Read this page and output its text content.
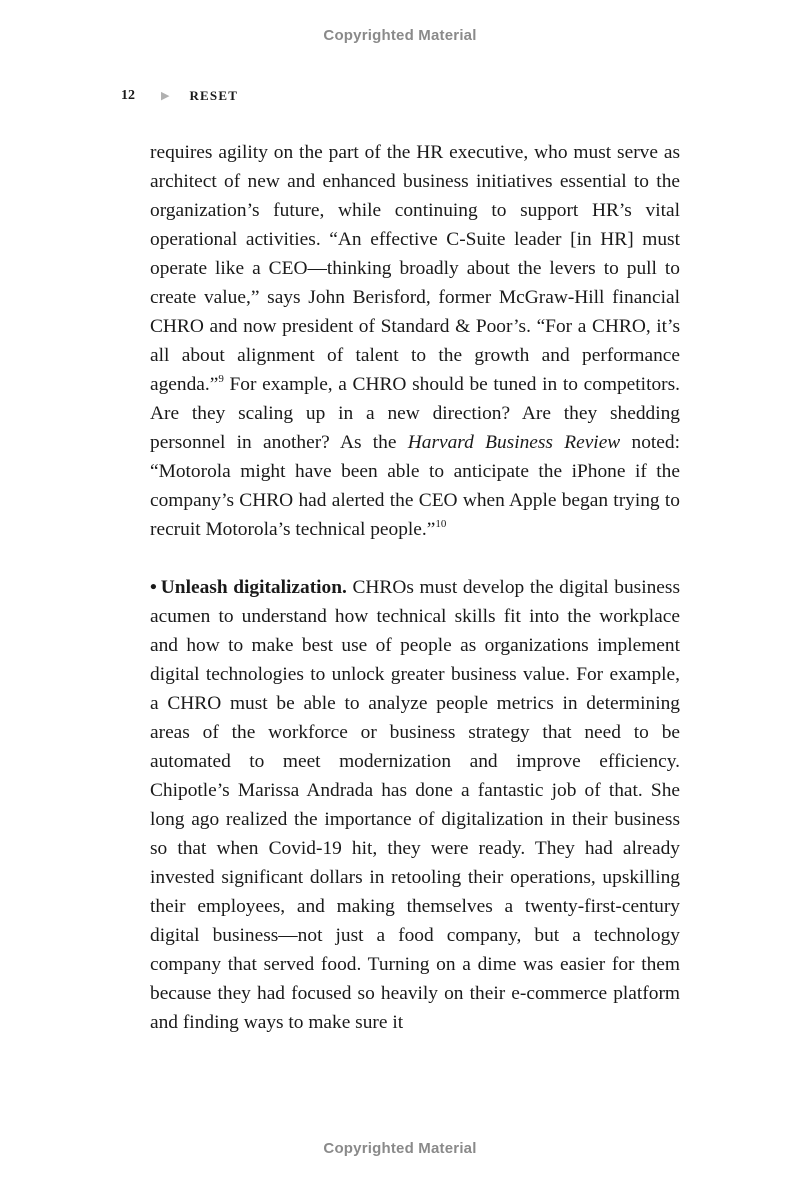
Copyrighted Material
12 ▶ RESET

requires agility on the part of the HR executive, who must serve as architect of new and enhanced business initiatives essential to the organization’s future, while continuing to support HR’s vital operational activities. “An effective C-Suite leader [in HR] must operate like a CEO—thinking broadly about the levers to pull to create value,” says John Berisford, former McGraw-Hill financial CHRO and now president of Standard & Poor’s. “For a CHRO, it’s all about alignment of talent to the growth and performance agenda.”$^9$ For example, a CHRO should be tuned in to competitors. Are they scaling up in a new direction? Are they shedding personnel in another? As the Harvard Business Review noted: “Motorola might have been able to anticipate the iPhone if the company’s CHRO had alerted the CEO when Apple began trying to recruit Motorola’s technical people.”$^{10}$

• Unleash digitalization. CHROs must develop the digital business acumen to understand how technical skills fit into the workplace and how to make best use of people as organizations implement digital technologies to unlock greater business value. For example, a CHRO must be able to analyze people metrics in determining areas of the workforce or business strategy that need to be automated to meet modernization and improve efficiency. Chipotle’s Marissa Andrada has done a fantastic job of that. She long ago realized the importance of digitalization in their business so that when Covid-19 hit, they were ready. They had already invested significant dollars in retooling their operations, upskilling their employees, and making themselves a twenty-first-century digital business—not just a food company, but a technology company that served food. Turning on a dime was easier for them because they had focused so heavily on their e-commerce platform and finding ways to make sure it

Copyrighted Material
